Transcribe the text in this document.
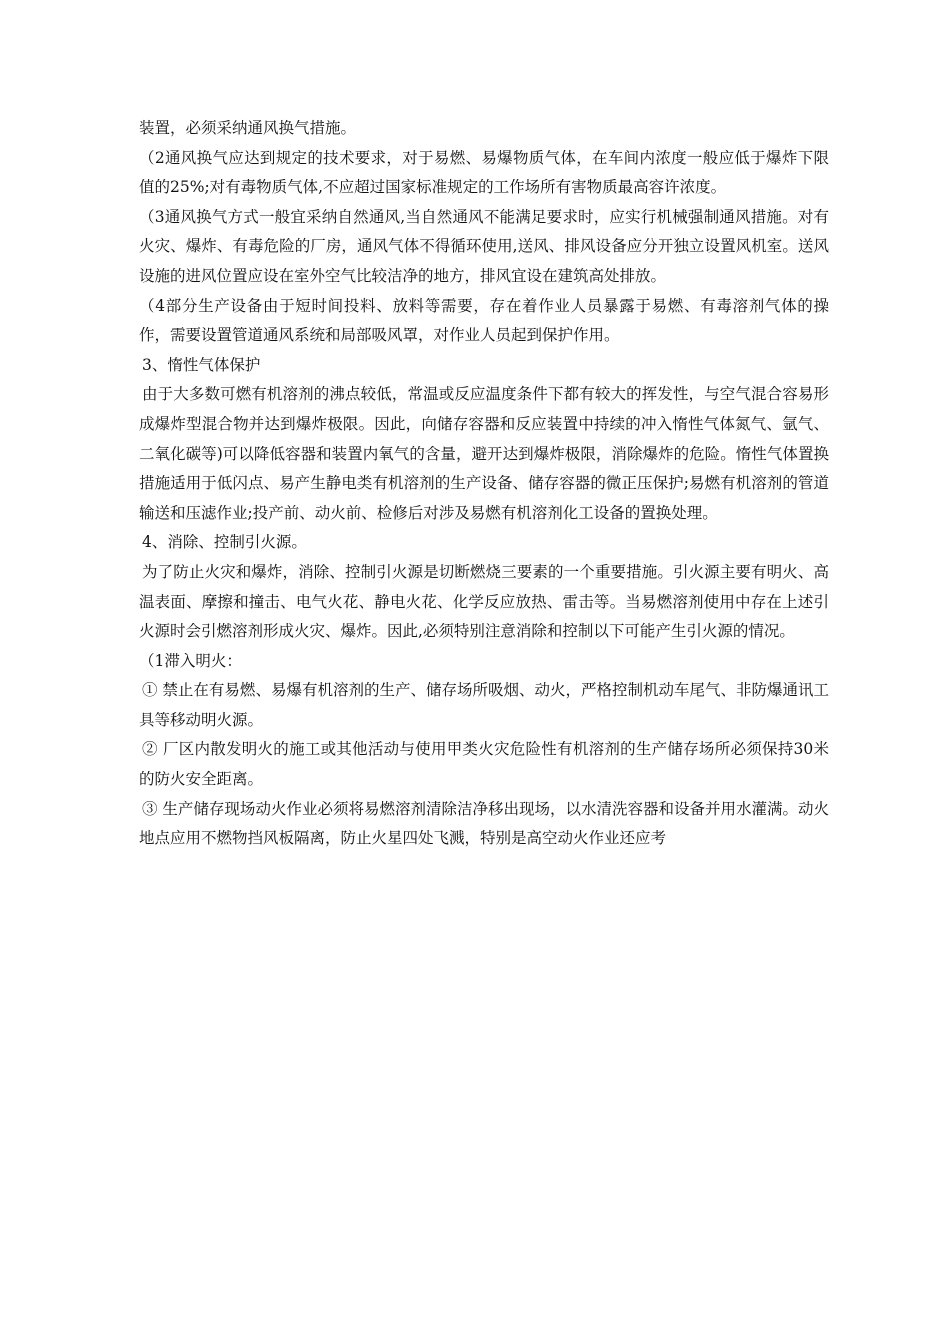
装置，必须采纳通风换气措施。

（2通风换气应达到规定的技术要求，对于易燃、易爆物质气体，在车间内浓度一般应低于爆炸下限值的25%;对有毒物质气体,不应超过国家标准规定的工作场所有害物质最高容许浓度。

（3通风换气方式一般宜采纳自然通风,当自然通风不能满足要求时，应实行机械强制通风措施。对有火灾、爆炸、有毒危险的厂房，通风气体不得循环使用,送风、排风设备应分开独立设置风机室。送风设施的进风位置应设在室外空气比较洁净的地方，排风宜设在建筑高处排放。

（4部分生产设备由于短时间投料、放料等需要，存在着作业人员暴露于易燃、有毒溶剂气体的操作，需要设置管道通风系统和局部吸风罩，对作业人员起到保护作用。

3、惰性气体保护

由于大多数可燃有机溶剂的沸点较低，常温或反应温度条件下都有较大的挥发性，与空气混合容易形成爆炸型混合物并达到爆炸极限。因此，向储存容器和反应装置中持续的冲入惰性气体氮气、氩气、二氧化碳等)可以降低容器和装置内氧气的含量，避开达到爆炸极限，消除爆炸的危险。惰性气体置换措施适用于低闪点、易产生静电类有机溶剂的生产设备、储存容器的微正压保护;易燃有机溶剂的管道输送和压滤作业;投产前、动火前、检修后对涉及易燃有机溶剂化工设备的置换处理。

4、消除、控制引火源。

为了防止火灾和爆炸，消除、控制引火源是切断燃烧三要素的一个重要措施。引火源主要有明火、高温表面、摩擦和撞击、电气火花、静电火花、化学反应放热、雷击等。当易燃溶剂使用中存在上述引火源时会引燃溶剂形成火灾、爆炸。因此,必须特别注意消除和控制以下可能产生引火源的情况。

（1滞入明火：

① 禁止在有易燃、易爆有机溶剂的生产、储存场所吸烟、动火，严格控制机动车尾气、非防爆通讯工具等移动明火源。

② 厂区内散发明火的施工或其他活动与使用甲类火灾危险性有机溶剂的生产储存场所必须保持30米的防火安全距离。

③ 生产储存现场动火作业必须将易燃溶剂清除洁净移出现场，以水清洗容器和设备并用水灌满。动火地点应用不燃物挡风板隔离，防止火星四处飞溅，特别是高空动火作业还应考
